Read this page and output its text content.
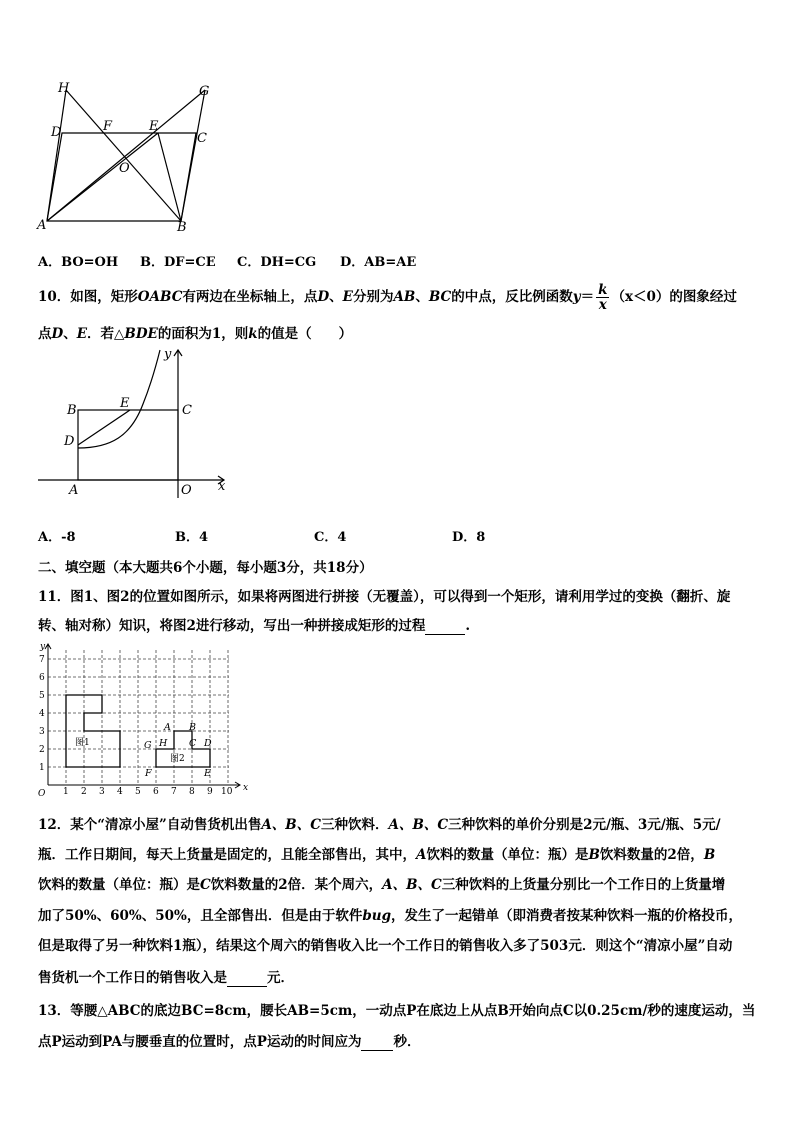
H	G
D	F	E
C
O
A	B
A．BO=OH B．DF=CE C．DH=CG D．AB=AE
10．如图，矩形OABC有两边在坐标轴上，点D、E分别为AB、BC的中点，反比例函数$y= \frac{k}{x} (x<0)$的图象经过
点D、E．若△BDE的面积为1，则k的值是（　　）
y
B	E	C
D
A	O x
A．-8	B．4	C．4	D．8
二、填空题（本大题共6个小题，每小题3分，共18分）
11．图1、图2的位置如图所示，如果将两图进行拼接（无覆盖），可以得到一个矩形，请利用学过的变换（翻折、旋
转、轴对称）知识，将图2进行移动，写出一种拼接成矩形的过程	.
1 2 3 4 5 6 7 8 9 10
1
2
3
4
5
6
7
x
y
O
图1
图2
A B
G H C D
F	E
12．某个“清凉小屋”自动售货机出售A、B、C三种饮料．A、B、C三种饮料的单价分别是2元/瓶、3元/瓶、5元/
瓶．工作日期间，每天上货量是固定的，且能全部售出，其中，A饮料的数量（单位：瓶）是B饮料数量的2倍，B
饮料的数量（单位：瓶）是C饮料数量的2倍．某个周六，A、B、C三种饮料的上货量分别比一个工作日的上货量增
加了50%、60%、50%，且全部售出．但是由于软件bug，发生了一起错单（即消费者按某种饮料一瓶的价格投币，
但是取得了另一种饮料1瓶），结果这个周六的销售收入比一个工作日的销售收入多了503元．则这个“清凉小屋”自动
售货机一个工作日的销售收入是	元．
13．等腰△ABC的底边BC=8cm，腰长AB=5cm，一动点P在底边上从点B开始向点C以0.25cm/秒的速度运动，当
点P运动到PA与腰垂直的位置时，点P运动的时间应为 秒．
